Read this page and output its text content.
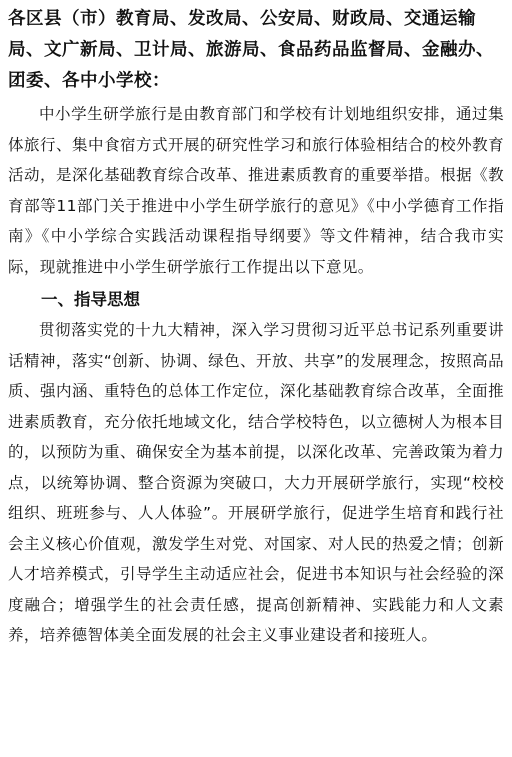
各区县（市）教育局、发改局、公安局、财政局、交通运输局、文广新局、卫计局、旅游局、食品药品监督局、金融办、团委、各中小学校：

中小学生研学旅行是由教育部门和学校有计划地组织安排，通过集体旅行、集中食宿方式开展的研究性学习和旅行体验相结合的校外教育活动，是深化基础教育综合改革、推进素质教育的重要举措。根据《教育部等11部门关于推进中小学生研学旅行的意见》《中小学德育工作指南》《中小学综合实践活动课程指导纲要》等文件精神，结合我市实际，现就推进中小学生研学旅行工作提出以下意见。

一、指导思想

贯彻落实党的十九大精神，深入学习贯彻习近平总书记系列重要讲话精神，落实“创新、协调、绿色、开放、共享”的发展理念，按照高品质、强内涵、重特色的总体工作定位，深化基础教育综合改革，全面推进素质教育，充分依托地域文化，结合学校特色，以立德树人为根本目的，以预防为重、确保安全为基本前提，以深化改革、完善政策为着力点，以统筹协调、整合资源为突破口，大力开展研学旅行，实现“校校组织、班班参与、人人体验”。开展研学旅行，促进学生培育和践行社会主义核心价值观，激发学生对党、对国家、对人民的热爱之情；创新人才培养模式，引导学生主动适应社会，促进书本知识与社会经验的深度融合；增强学生的社会责任感，提高创新精神、实践能力和人文素养，培养德智体美全面发展的社会主义事业建设者和接班人。
